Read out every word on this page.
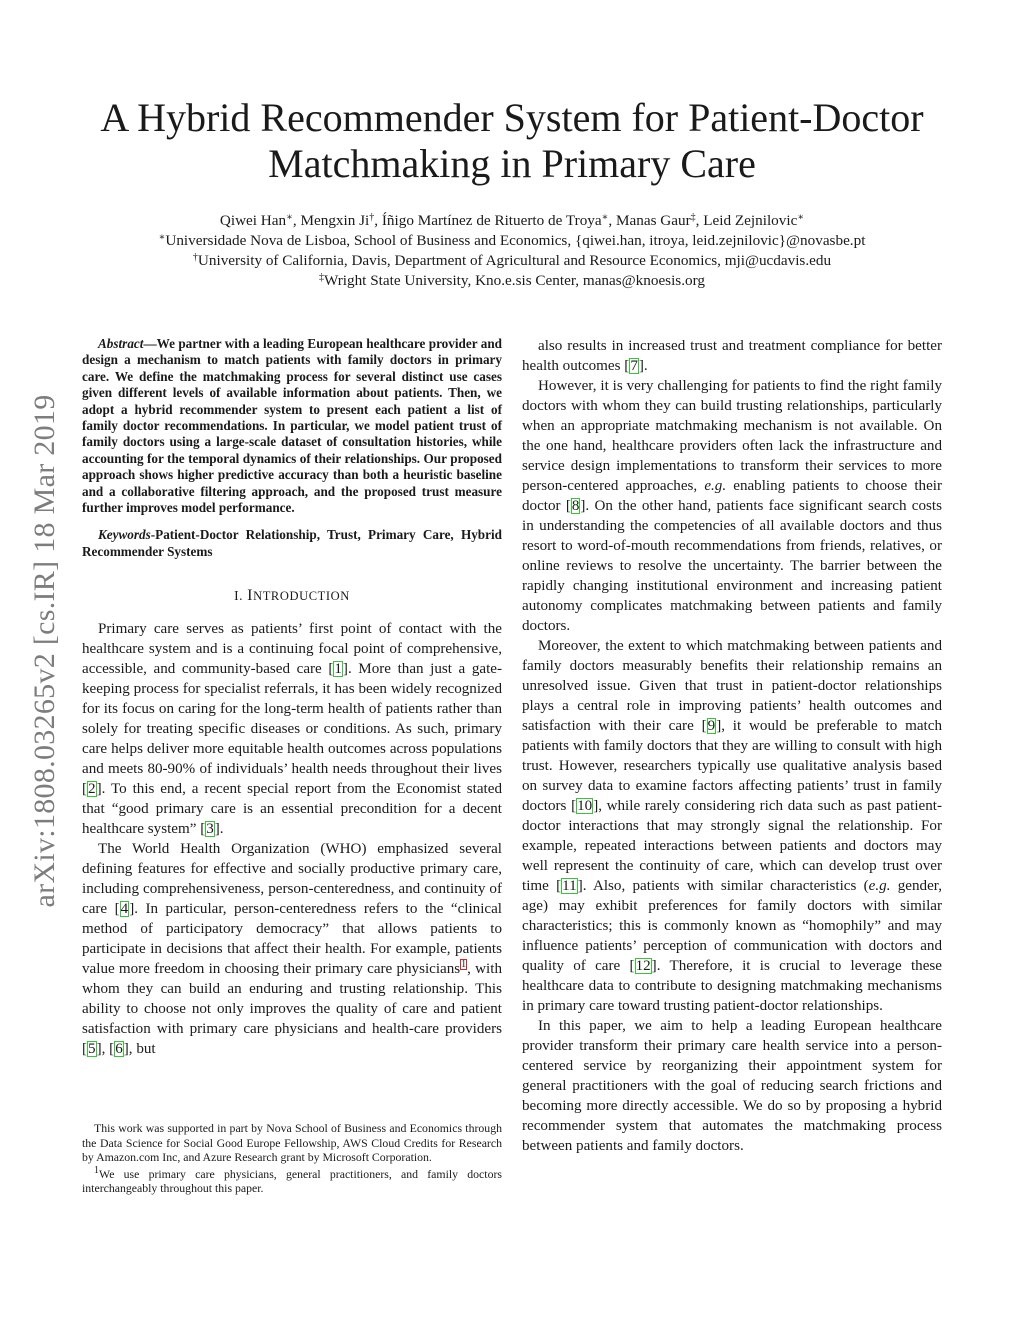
arXiv:1808.03265v2 [cs.IR] 18 Mar 2019
A Hybrid Recommender System for Patient-Doctor Matchmaking in Primary Care
Qiwei Han∗, Mengxin Ji†, Íñigo Martínez de Rituerto de Troya∗, Manas Gaur‡, Leid Zejnilovic∗
∗Universidade Nova de Lisboa, School of Business and Economics, {qiwei.han, itroya, leid.zejnilovic}@novasbe.pt
†University of California, Davis, Department of Agricultural and Resource Economics, mji@ucdavis.edu
‡Wright State University, Kno.e.sis Center, manas@knoesis.org

Abstract—We partner with a leading European healthcare provider and design a mechanism to match patients with family doctors in primary care. We define the matchmaking process for several distinct use cases given different levels of available information about patients. Then, we adopt a hybrid recommender system to present each patient a list of family doctor recommendations. In particular, we model patient trust of family doctors using a large-scale dataset of consultation histories, while accounting for the temporal dynamics of their relationships. Our proposed approach shows higher predictive accuracy than both a heuristic baseline and a collaborative filtering approach, and the proposed trust measure further improves model performance.

Keywords-Patient-Doctor Relationship, Trust, Primary Care, Hybrid Recommender Systems

I. INTRODUCTION

Primary care serves as patients’ first point of contact with the healthcare system and is a continuing focal point of comprehensive, accessible, and community-based care [1]. More than just a gate-keeping process for specialist referrals, it has been widely recognized for its focus on caring for the long-term health of patients rather than solely for treating specific diseases or conditions. As such, primary care helps deliver more equitable health outcomes across populations and meets 80-90% of individuals’ health needs throughout their lives [2]. To this end, a recent special report from the Economist stated that “good primary care is an essential precondition for a decent healthcare system” [3].

The World Health Organization (WHO) emphasized several defining features for effective and socially productive primary care, including comprehensiveness, person-centeredness, and continuity of care [4]. In particular, person-centeredness refers to the “clinical method of participatory democracy” that allows patients to participate in decisions that affect their health. For example, patients value more freedom in choosing their primary care physicians$^1$, with whom they can build an enduring and trusting relationship. This ability to choose not only improves the quality of care and patient satisfaction with primary care physicians and health-care providers [5], [6], but

also results in increased trust and treatment compliance for better health outcomes [7].

However, it is very challenging for patients to find the right family doctors with whom they can build trusting relationships, particularly when an appropriate matchmaking mechanism is not available. On the one hand, healthcare providers often lack the infrastructure and service design implementations to transform their services to more person-centered approaches, e.g. enabling patients to choose their doctor [8]. On the other hand, patients face significant search costs in understanding the competencies of all available doctors and thus resort to word-of-mouth recommendations from friends, relatives, or online reviews to resolve the uncertainty. The barrier between the rapidly changing institutional environment and increasing patient autonomy complicates matchmaking between patients and family doctors.

Moreover, the extent to which matchmaking between patients and family doctors measurably benefits their relationship remains an unresolved issue. Given that trust in patient-doctor relationships plays a central role in improving patients’ health outcomes and satisfaction with their care [9], it would be preferable to match patients with family doctors that they are willing to consult with high trust. However, researchers typically use qualitative analysis based on survey data to examine factors affecting patients’ trust in family doctors [10], while rarely considering rich data such as past patient-doctor interactions that may strongly signal the relationship. For example, repeated interactions between patients and doctors may well represent the continuity of care, which can develop trust over time [11]. Also, patients with similar characteristics (e.g. gender, age) may exhibit preferences for family doctors with similar characteristics; this is commonly known as “homophily” and may influence patients’ perception of communication with doctors and quality of care [12]. Therefore, it is crucial to leverage these healthcare data to contribute to designing matchmaking mechanisms in primary care toward trusting patient-doctor relationships.

In this paper, we aim to help a leading European healthcare provider transform their primary care health service into a person-centered service by reorganizing their appointment system for general practitioners with the goal of reducing search frictions and becoming more directly accessible. We do so by proposing a hybrid recommender system that automates the matchmaking process between patients and family doctors.

This work was supported in part by Nova School of Business and Economics through the Data Science for Social Good Europe Fellowship, AWS Cloud Credits for Research by Amazon.com Inc, and Azure Research grant by Microsoft Corporation.

$^1$We use primary care physicians, general practitioners, and family doctors interchangeably throughout this paper.
